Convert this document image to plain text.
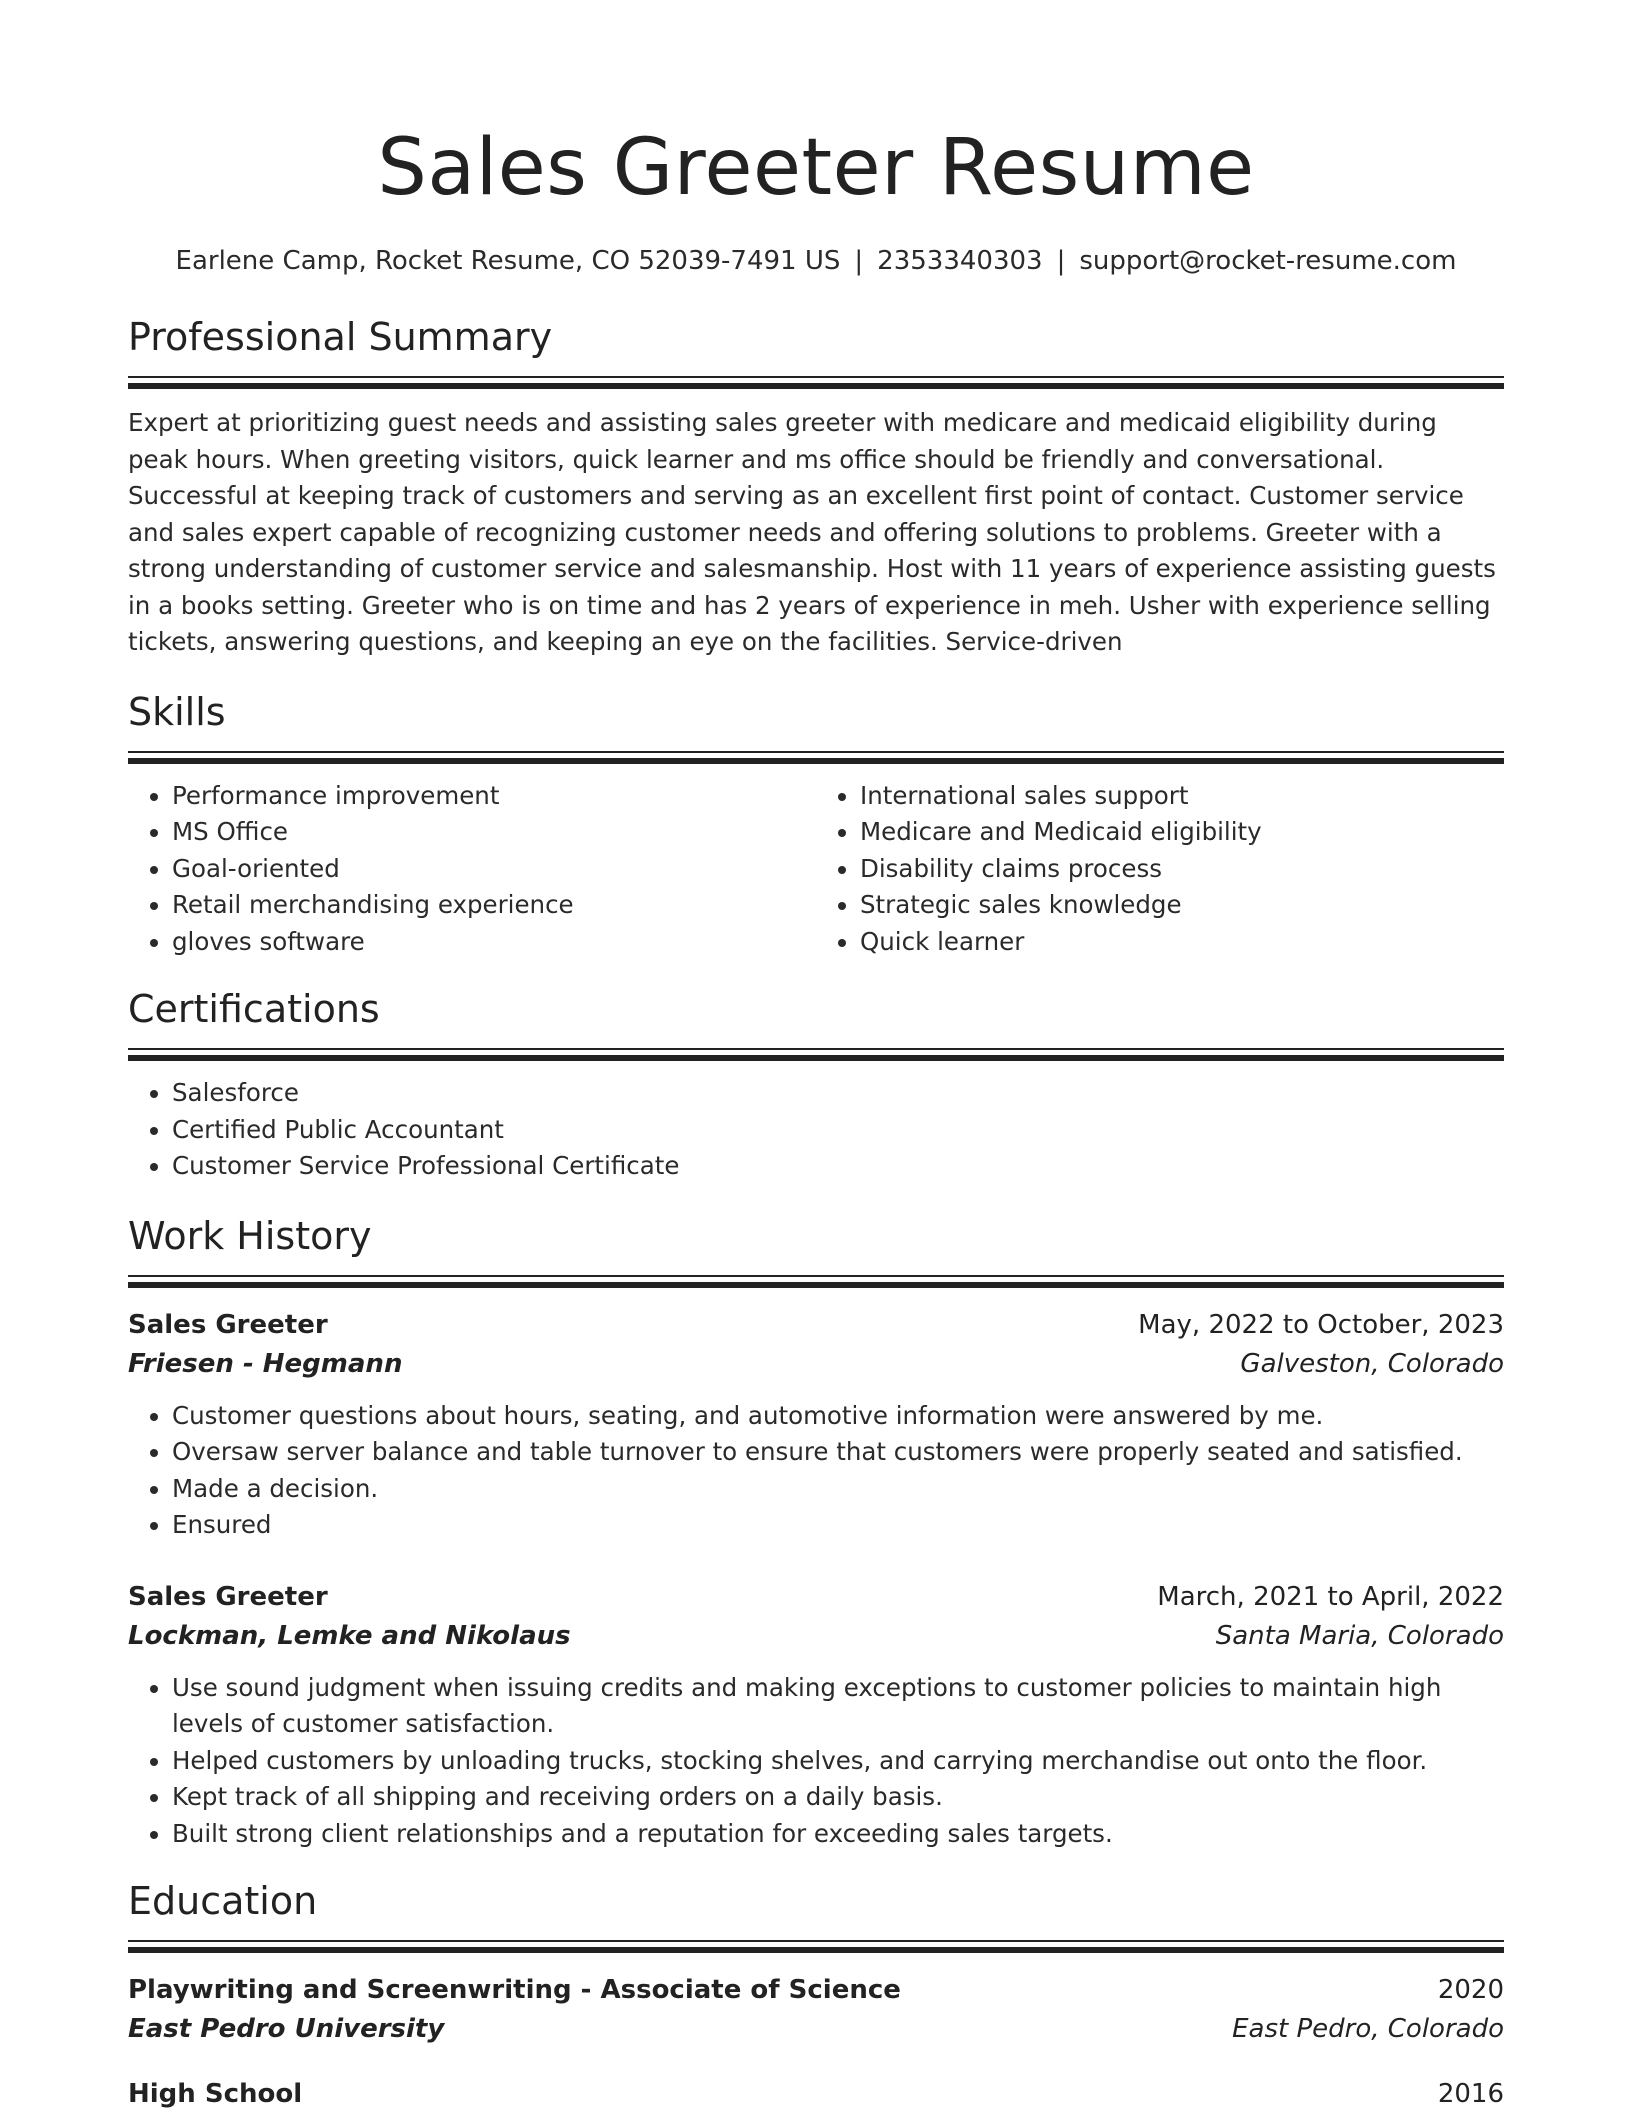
Sales Greeter Resume
Earlene Camp, Rocket Resume, CO 52039-7491 US | 2353340303 | support@rocket-resume.com
Professional Summary
Expert at prioritizing guest needs and assisting sales greeter with medicare and medicaid eligibility during peak hours. When greeting visitors, quick learner and ms office should be friendly and conversational. Successful at keeping track of customers and serving as an excellent first point of contact. Customer service and sales expert capable of recognizing customer needs and offering solutions to problems. Greeter with a strong understanding of customer service and salesmanship. Host with 11 years of experience assisting guests in a books setting. Greeter who is on time and has 2 years of experience in meh. Usher with experience selling tickets, answering questions, and keeping an eye on the facilities. Service-driven
Skills
• Performance improvement
• MS Office
• Goal-oriented
• Retail merchandising experience
• gloves software
• International sales support
• Medicare and Medicaid eligibility
• Disability claims process
• Strategic sales knowledge
• Quick learner
Certifications
• Salesforce
• Certified Public Accountant
• Customer Service Professional Certificate
Work History
Sales Greeter	May, 2022 to October, 2023
Friesen - Hegmann	Galveston, Colorado
• Customer questions about hours, seating, and automotive information were answered by me.
• Oversaw server balance and table turnover to ensure that customers were properly seated and satisfied.
• Made a decision.
• Ensured
Sales Greeter	March, 2021 to April, 2022
Lockman, Lemke and Nikolaus	Santa Maria, Colorado
• Use sound judgment when issuing credits and making exceptions to customer policies to maintain high levels of customer satisfaction.
• Helped customers by unloading trucks, stocking shelves, and carrying merchandise out onto the floor.
• Kept track of all shipping and receiving orders on a daily basis.
• Built strong client relationships and a reputation for exceeding sales targets.
Education
Playwriting and Screenwriting - Associate of Science	2020
East Pedro University	East Pedro, Colorado
High School	2016
